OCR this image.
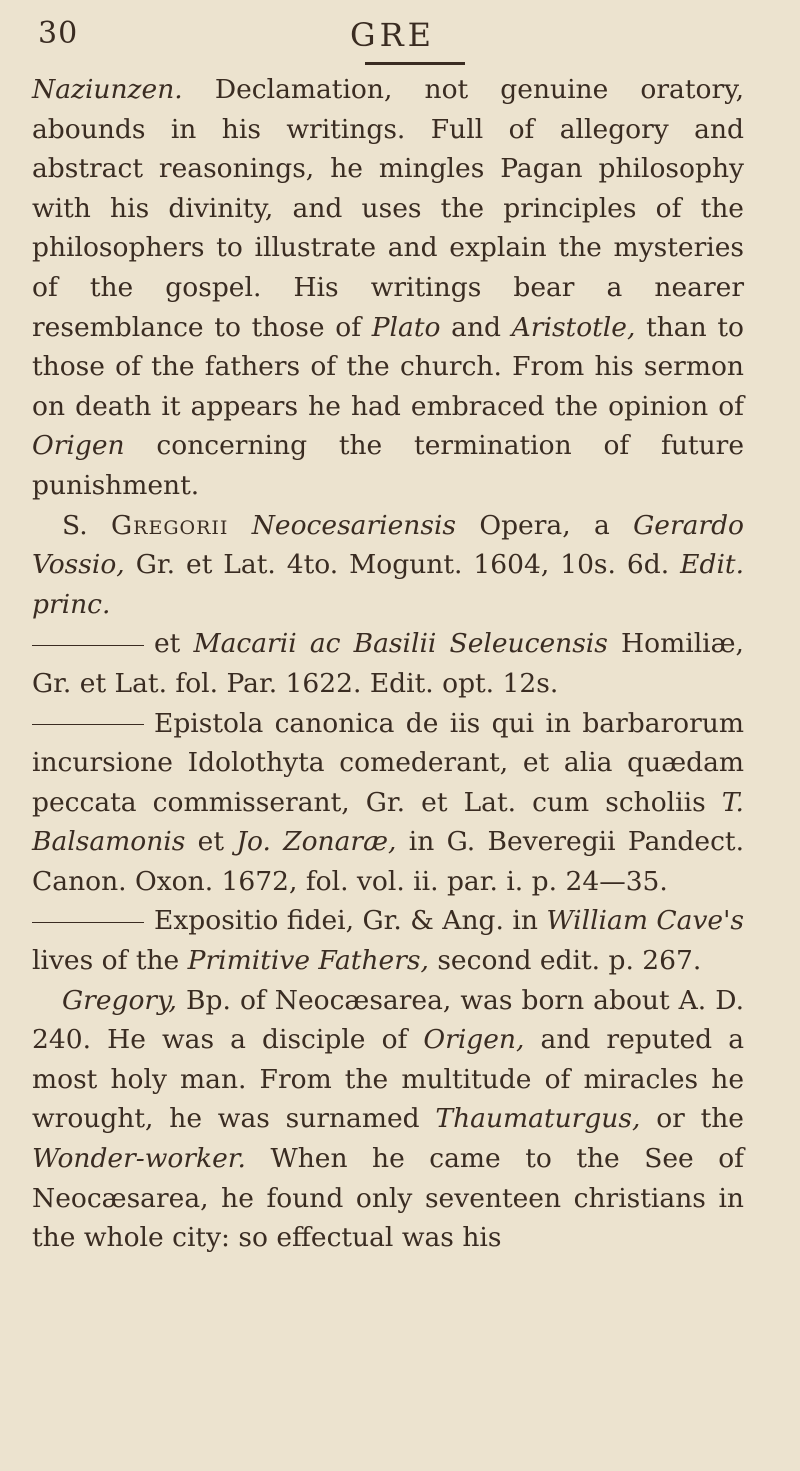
30	GRE

Naziunzen. Declamation, not genuine oratory, abounds in his writings. Full of allegory and abstract reasonings, he mingles Pagan philosophy with his divinity, and uses the principles of the philosophers to illustrate and explain the mysteries of the gospel. His writings bear a nearer resemblance to those of Plato and Aristotle, than to those of the fathers of the church. From his sermon on death it appears he had embraced the opinion of Origen concerning the termination of future punishment.

S. Gregorii Neocesariensis Opera, a Gerardo Vossio, Gr. et Lat. 4to. Mogunt. 1604, 10s. 6d. Edit. princ.

et Macarii ac Basilii Seleucensis Homiliæ, Gr. et Lat. fol. Par. 1622. Edit. opt. 12s.

Epistola canonica de iis qui in barbarorum incursione Idolothyta comederant, et alia quædam peccata commisserant, Gr. et Lat. cum scholiis T. Balsamonis et Jo. Zonaræ, in G. Beveregii Pandect. Canon. Oxon. 1672, fol. vol. ii. par. i. p. 24—35.

Expositio fidei, Gr. & Ang. in William Cave's lives of the Primitive Fathers, second edit. p. 267.

Gregory, Bp. of Neocæsarea, was born about A. D. 240. He was a disciple of Origen, and reputed a most holy man. From the multitude of miracles he wrought, he was surnamed Thaumaturgus, or the Wonder-worker. When he came to the See of Neocæsarea, he found only seventeen christians in the whole city: so effectual was his
